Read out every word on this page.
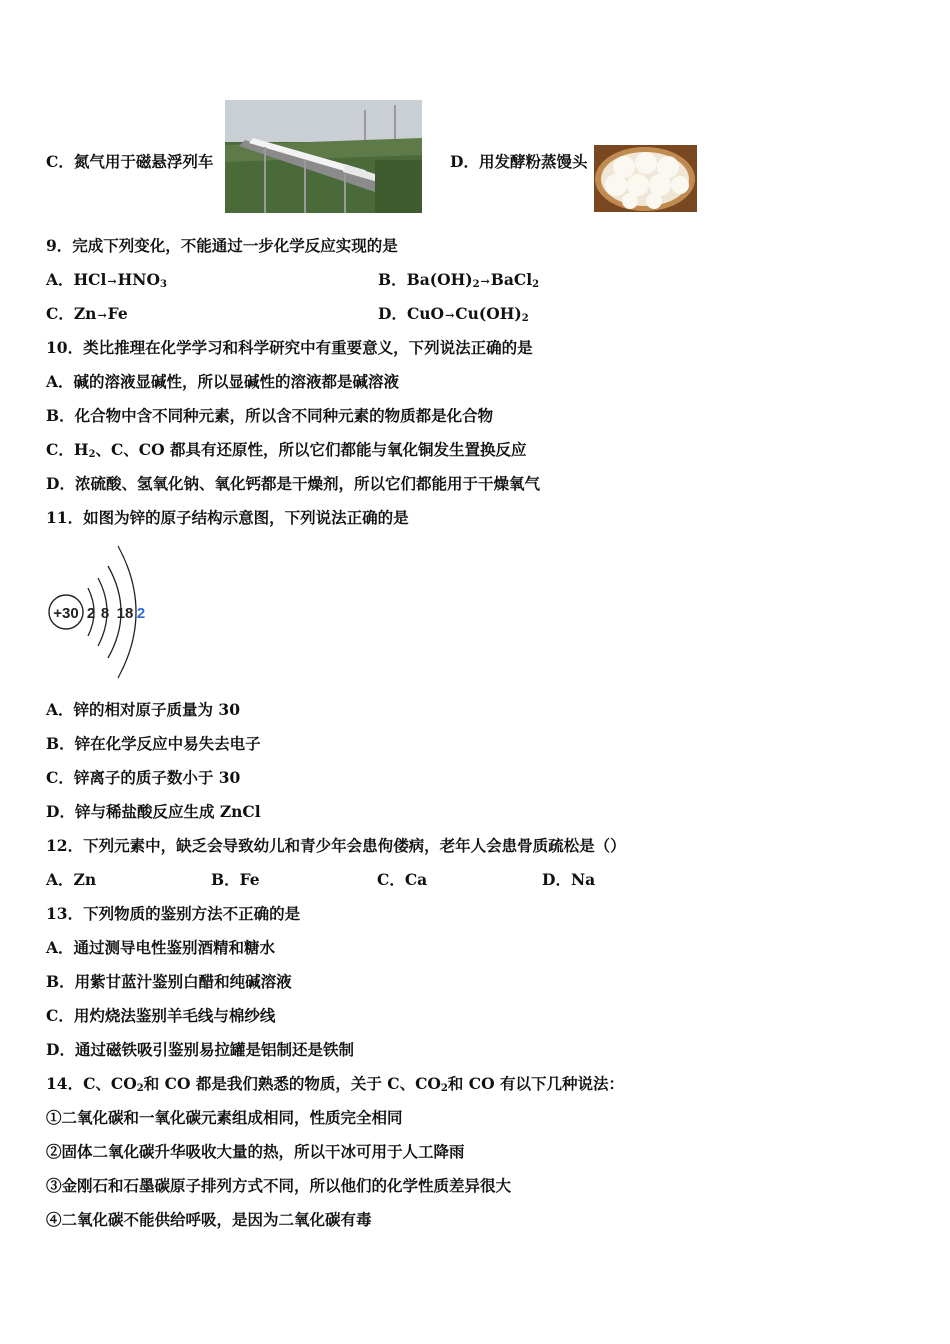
C．氮气用于磁悬浮列车	D．用发酵粉蒸馒头
9．完成下列变化，不能通过一步化学反应实现的是
A．$HCl\to HNO_3$	B．$Ba(OH)_2\to BaCl_2$
C．Zn→Fe	D．$CuO\to Cu(OH)_2$
10．类比推理在化学学习和科学研究中有重要意义，下列说法正确的是
A．碱的溶液显碱性，所以显碱性的溶液都是碱溶液
B．化合物中含不同种元素，所以含不同种元素的物质都是化合物
C．$H_2$、C、CO 都具有还原性，所以它们都能与氧化铜发生置换反应
D．浓硫酸、氢氧化钠、氧化钙都是干燥剂，所以它们都能用于干燥氧气
11．如图为锌的原子结构示意图，下列说法正确的是
+30 2 8 18 2
A．锌的相对原子质量为 30
B．锌在化学反应中易失去电子
C．锌离子的质子数小于 30
D．锌与稀盐酸反应生成 ZnCl
12．下列元素中，缺乏会导致幼儿和青少年会患佝偻病，老年人会患骨质疏松是（）
A．Zn	B．Fe	C．Ca	D．Na
13．下列物质的鉴别方法不正确的是
A．通过测导电性鉴别酒精和糖水
B．用紫甘蓝汁鉴别白醋和纯碱溶液
C．用灼烧法鉴别羊毛线与棉纱线
D．通过磁铁吸引鉴别易拉罐是铝制还是铁制
14．C、$CO_2$和 CO 都是我们熟悉的物质，关于 C、$CO_2$和 CO 有以下几种说法：
①二氧化碳和一氧化碳元素组成相同，性质完全相同
②固体二氧化碳升华吸收大量的热，所以干冰可用于人工降雨
③金刚石和石墨碳原子排列方式不同，所以他们的化学性质差异很大
④二氧化碳不能供给呼吸，是因为二氧化碳有毒
